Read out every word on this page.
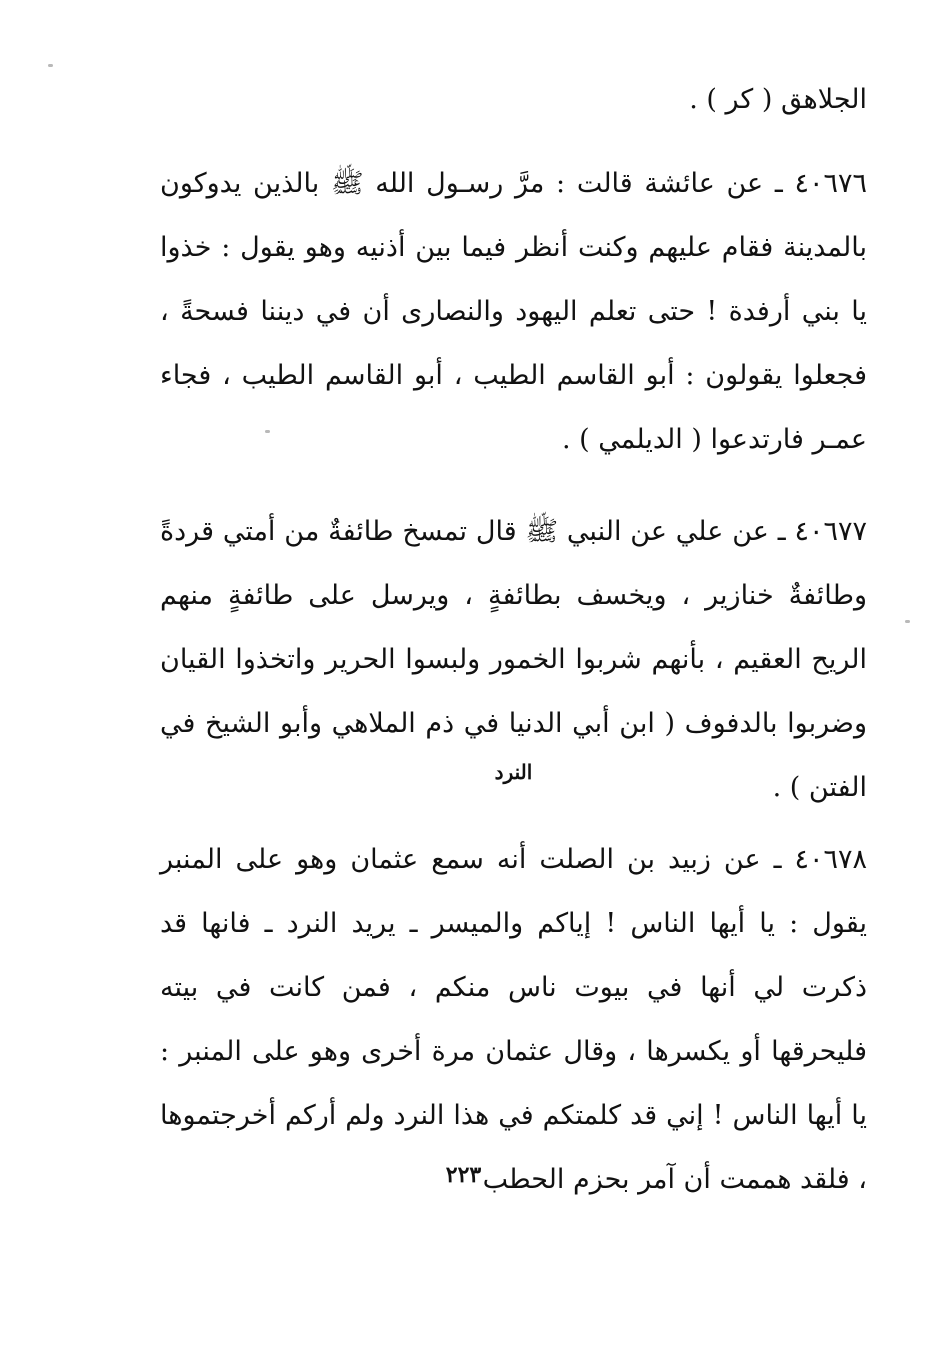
الجلاهق ( كر ) .

٤٠٦٧٦ ـ عن عائشة قالت : مرَّ رسـول الله ﷺ بالذين يدوكون بالمدينة فقام عليهم وكنت أنظر فيما بين أذنيه وهو يقول : خذوا يا بني أرفدة ! حتى تعلم اليهود والنصارى أن في ديننا فسحةً ، فجعلوا يقولون : أبو القاسم الطيب ، أبو القاسم الطيب ، فجاء عمـر فارتدعوا ( الديلمي ) .

٤٠٦٧٧ ـ عن علي عن النبي ﷺ قال تمسخ طائفةٌ من أمتي قردةً وطائفةٌ خنازير ، ويخسف بطائفةٍ ، ويرسل على طائفةٍ منهم الريح العقيم ، بأنهم شربوا الخمور ولبسوا الحرير واتخذوا القيان وضربوا بالدفوف ( ابن أبي الدنيا في ذم الملاهي وأبو الشيخ في الفتن ) .

النرد

٤٠٦٧٨ ـ عن زبيد بن الصلت أنه سمع عثمان وهو على المنبر يقول : يا أيها الناس ! إياكم والميسر ـ يريد النرد ـ فانها قد ذكرت لي أنها في بيوت ناس منكم ، فمن كانت في بيته فليحرقها أو يكسرها ، وقال عثمان مرة أخرى وهو على المنبر : يا أيها الناس ! إني قد كلمتكم في هذا النرد ولم أركم أخرجتموها ، فلقد هممت أن آمر بحزم الحطب

٢٢٣
